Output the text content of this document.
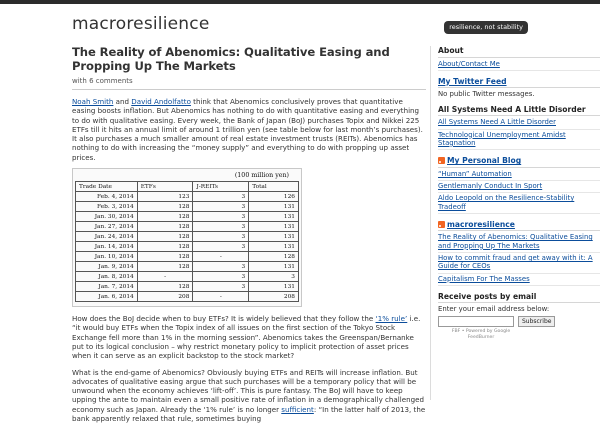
macroresilience	resilience, not stability
The Reality of Abenomics: Qualitative Easing and Propping Up The Markets
with 6 comments

Noah Smith and David Andolfatto think that Abenomics conclusively proves that quantitative easing boosts inflation. But Abenomics has nothing to do with quantitative easing and everything to do with qualitative easing. Every week, the Bank of Japan (BoJ) purchases Topix and Nikkei 225 ETFs till it hits an annual limit of around 1 trillion yen (see table below for last month’s purchases). It also purchases a much smaller amount of real estate investment trusts (REITs). Abenomics has nothing to do with increasing the “money supply” and everything to do with propping up asset prices.

(100 million yen)
Trade Date	ETFs	J-REITs	Total
Feb. 4, 2014	123	3	126
Feb. 3, 2014	128	3	131
Jan. 30, 2014	128	3	131
Jan. 27, 2014	128	3	131
Jan. 24, 2014	128	3	131
Jan. 14, 2014	128	3	131
Jan. 10, 2014	128	-	128
Jan. 9, 2014	128	3	131
Jan. 8, 2014	-	3	3
Jan. 7, 2014	128	3	131
Jan. 6, 2014	208	-	208

How does the BoJ decide when to buy ETFs? It is widely believed that they follow the ‘1% rule’ i.e. “it would buy ETFs when the Topix index of all issues on the first section of the Tokyo Stock Exchange fell more than 1% in the morning session”. Abenomics takes the Greenspan/Bernanke put to its logical conclusion – why restrict monetary policy to implicit protection of asset prices when it can serve as an explicit backstop to the stock market?

What is the end-game of Abenomics? Obviously buying ETFs and REITs will increase inflation. But advocates of qualitative easing argue that such purchases will be a temporary policy that will be unwound when the economy achieves ‘lift-off’. This is pure fantasy. The BoJ will have to keep upping the ante to maintain even a small positive rate of inflation in a demographically challenged economy such as Japan. Already the ‘1% rule’ is no longer sufficient: “In the latter half of 2013, the bank apparently relaxed that rule, sometimes buying

About
About/Contact Me
My Twitter Feed
No public Twitter messages.
All Systems Need A Little Disorder
All Systems Need A Little Disorder
Technological Unemployment Amidst Stagnation
My Personal Blog
“Human” Automation
Gentlemanly Conduct In Sport
Aldo Leopold on the Resilience-Stability Tradeoff
macroresilience
The Reality of Abenomics: Qualitative Easing and Propping Up The Markets
How to commit fraud and get away with it: A Guide for CEOs
Capitalism For The Masses
Receive posts by email
Enter your email address below:
Subscribe
FBF • Powered by Google FeedBurner
